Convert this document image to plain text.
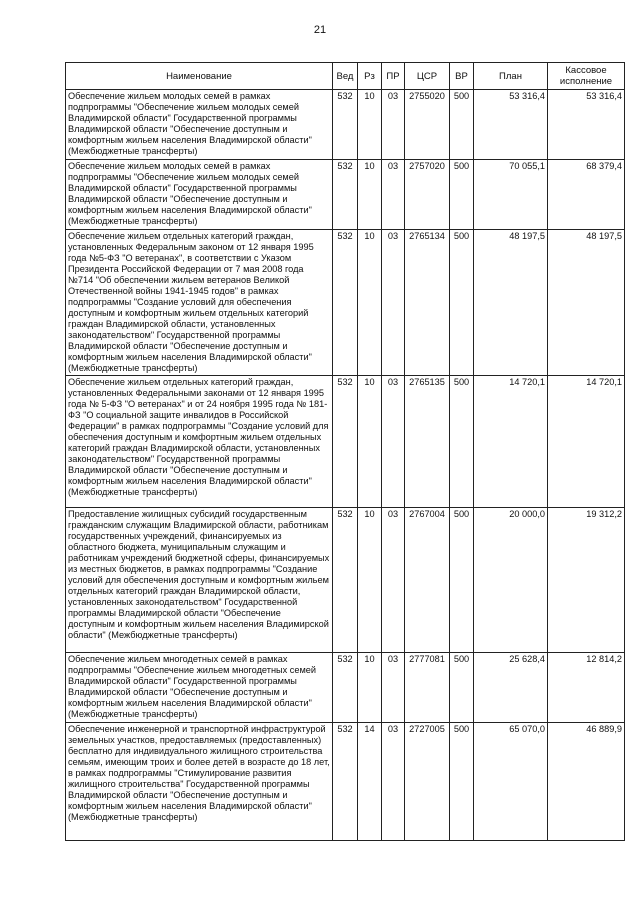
21
Наименование	Вед	Рз	ПР	ЦСР	ВР	План	Кассовое исполнение
Обеспечение жильем молодых семей в рамках подпрограммы "Обеспечение жильем молодых семей Владимирской области" Государственной программы Владимирской области "Обеспечение доступным и комфортным жильем населения Владимирской области" (Межбюджетные трансферты)	532	10	03	2755020	500	53 316,4	53 316,4
Обеспечение жильем молодых семей в рамках подпрограммы "Обеспечение жильем молодых семей Владимирской области" Государственной программы Владимирской области "Обеспечение доступным и комфортным жильем населения Владимирской области" (Межбюджетные трансферты)	532	10	03	2757020	500	70 055,1	68 379,4
Обеспечение жильем отдельных категорий граждан, установленных Федеральным законом от 12 января 1995 года №5-ФЗ "О ветеранах", в соответствии с Указом Президента Российской Федерации от 7 мая 2008 года №714 "Об обеспечении жильем ветеранов Великой Отечественной войны 1941-1945 годов" в рамках подпрограммы "Создание условий для обеспечения доступным и комфортным жильем отдельных категорий граждан Владимирской области, установленных законодательством" Государственной программы Владимирской области "Обеспечение доступным и комфортным жильем населения Владимирской области" (Межбюджетные трансферты)	532	10	03	2765134	500	48 197,5	48 197,5
Обеспечение жильем отдельных категорий граждан, установленных Федеральными законами от 12 января 1995 года № 5-ФЗ "О ветеранах" и от 24 ноября 1995 года № 181-ФЗ "О социальной защите инвалидов в Российской Федерации" в рамках подпрограммы "Создание условий для обеспечения доступным и комфортным жильем отдельных категорий граждан Владимирской области, установленных законодательством" Государственной программы Владимирской области "Обеспечение доступным и комфортным жильем населения Владимирской области" (Межбюджетные трансферты)	532	10	03	2765135	500	14 720,1	14 720,1
Предоставление жилищных субсидий государственным гражданским служащим Владимирской области, работникам государственных учреждений, финансируемых из областного бюджета, муниципальным служащим и работникам учреждений бюджетной сферы, финансируемых из местных бюджетов, в рамках подпрограммы "Создание условий для обеспечения доступным и комфортным жильем отдельных категорий граждан Владимирской области, установленных законодательством" Государственной программы Владимирской области "Обеспечение доступным и комфортным жильем населения Владимирской области" (Межбюджетные трансферты)	532	10	03	2767004	500	20 000,0	19 312,2
Обеспечение жильем многодетных семей в рамках подпрограммы "Обеспечение жильем многодетных семей Владимирской области" Государственной программы Владимирской области "Обеспечение доступным и комфортным жильем населения Владимирской области" (Межбюджетные трансферты)	532	10	03	2777081	500	25 628,4	12 814,2
Обеспечение инженерной и транспортной инфраструктурой земельных участков, предоставляемых (предоставленных) бесплатно для индивидуального жилищного строительства семьям, имеющим троих и более детей в возрасте до 18 лет, в рамках подпрограммы "Стимулирование развития жилищного строительства" Государственной программы Владимирской области "Обеспечение доступным и комфортным жильем населения Владимирской области" (Межбюджетные трансферты)	532	14	03	2727005	500	65 070,0	46 889,9
